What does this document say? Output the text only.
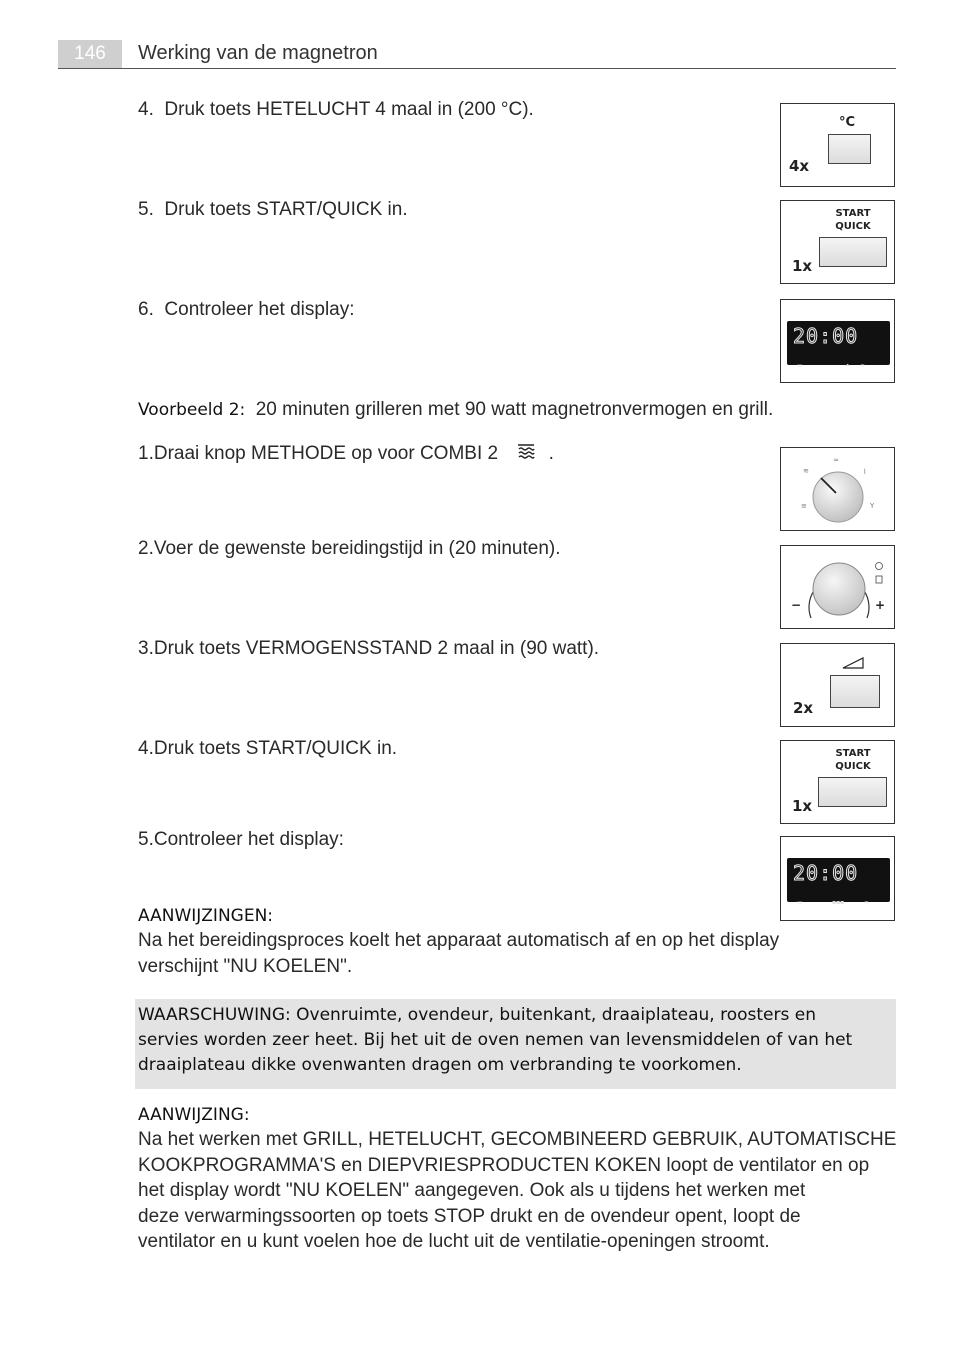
146	Werking van de magnetron
4. Druk toets HETELUCHT 4 maal in (200 °C).
5. Druk toets START/QUICK in.
6. Controleer het display:
°C
4x
START
QUICK
1x
20:00
▭	⏶ ∞
Voorbeeld 2: 20 minuten grilleren met 90 watt magnetronvermogen en grill.
1.Draai knop METHODE op voor COMBI 2	.
2.Voer de gewenste bereidingstijd in (20 minuten).
3.Druk toets VERMOGENSSTAND 2 maal in (90 watt).
4.Druk toets START/QUICK in.
5.Controleer het display:
≋
≈
⌇
≡	Y
−	+
2x
START
QUICK
1x
20:00
▭	▪▪▪	∞
AANWIJZINGEN:
Na het bereidingsproces koelt het apparaat automatisch af en op het display
verschijnt "NU KOELEN".
WAARSCHUWING: Ovenruimte, ovendeur, buitenkant, draaiplateau, roosters en
servies worden zeer heet. Bij het uit de oven nemen van levensmiddelen of van het
draaiplateau dikke ovenwanten dragen om verbranding te voorkomen.
AANWIJZING:
Na het werken met GRILL, HETELUCHT, GECOMBINEERD GEBRUIK, AUTOMATISCHE
KOOKPROGRAMMA'S en DIEPVRIESPRODUCTEN KOKEN loopt de ventilator en op
het display wordt "NU KOELEN" aangegeven. Ook als u tijdens het werken met
deze verwarmingssoorten op toets STOP drukt en de ovendeur opent, loopt de
ventilator en u kunt voelen hoe de lucht uit de ventilatie-openingen stroomt.
